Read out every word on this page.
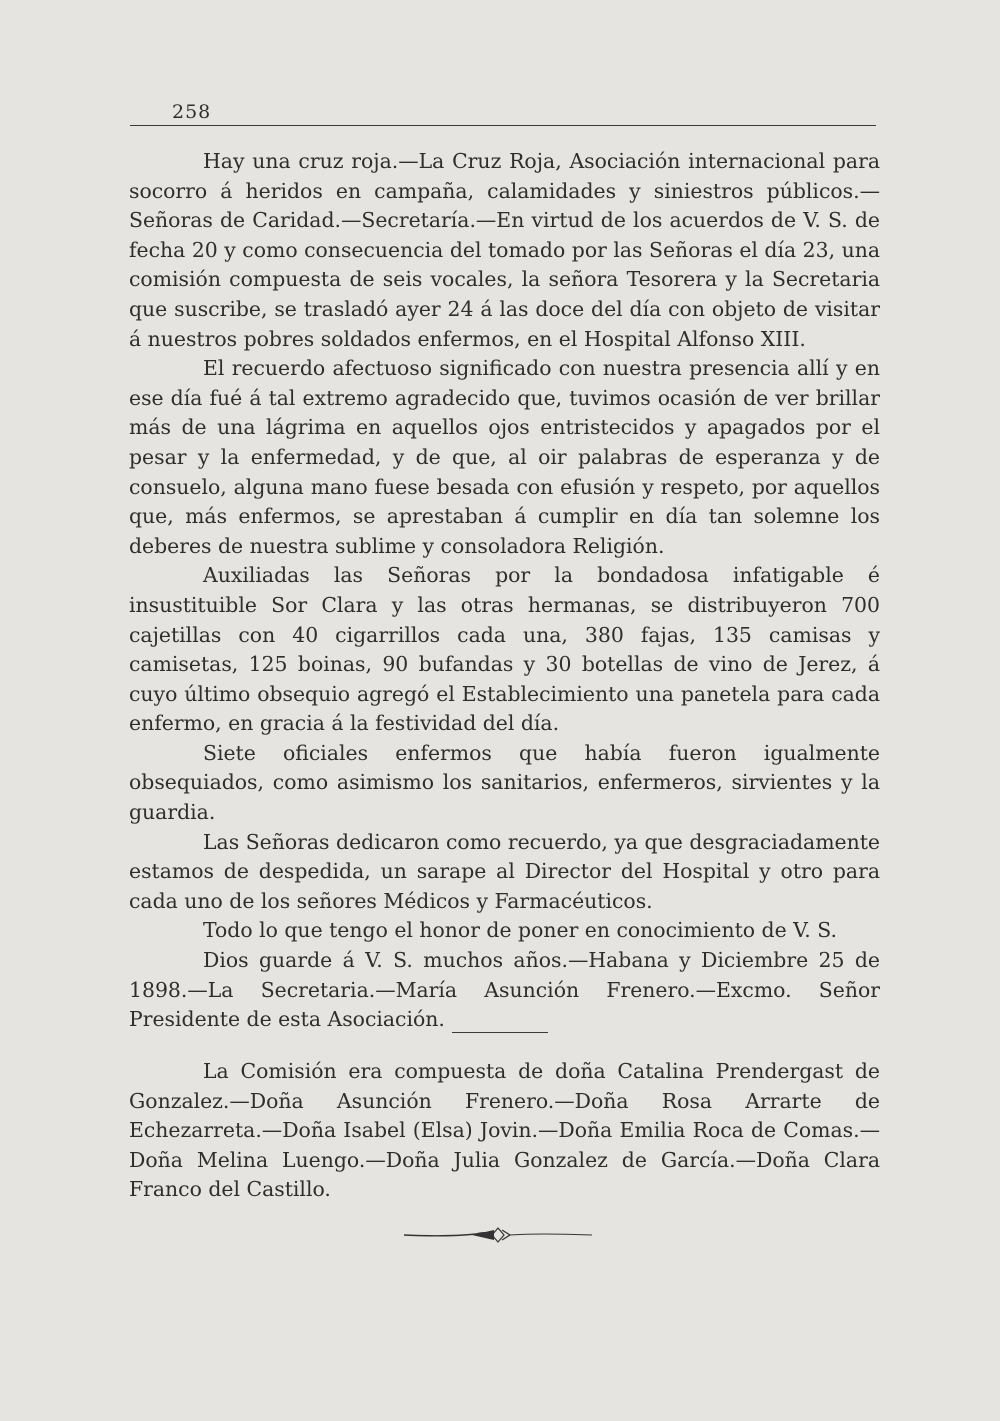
258

Hay una cruz roja.—La Cruz Roja, Asociación internacional para socorro á heridos en campaña, calamidades y siniestros públicos.—Señoras de Caridad.—Secretaría.—En virtud de los acuerdos de V. S. de fecha 20 y como consecuencia del tomado por las Señoras el día 23, una comisión compuesta de seis vocales, la señora Tesorera y la Secretaria que suscribe, se trasladó ayer 24 á las doce del día con objeto de visitar á nuestros pobres soldados enfermos, en el Hospital Alfonso XIII.

El recuerdo afectuoso significado con nuestra presencia allí y en ese día fué á tal extremo agradecido que, tuvimos ocasión de ver brillar más de una lágrima en aquellos ojos entristecidos y apagados por el pesar y la enfermedad, y de que, al oir palabras de esperanza y de consuelo, alguna mano fuese besada con efusión y respeto, por aquellos que, más enfermos, se aprestaban á cumplir en día tan solemne los deberes de nuestra sublime y consoladora Religión.

Auxiliadas las Señoras por la bondadosa infatigable é insustituible Sor Clara y las otras hermanas, se distribuyeron 700 cajetillas con 40 cigarrillos cada una, 380 fajas, 135 camisas y camisetas, 125 boinas, 90 bufandas y 30 botellas de vino de Jerez, á cuyo último obsequio agregó el Establecimiento una panetela para cada enfermo, en gracia á la festividad del día.

Siete oficiales enfermos que había fueron igualmente obsequiados, como asimismo los sanitarios, enfermeros, sirvientes y la guardia.

Las Señoras dedicaron como recuerdo, ya que desgraciadamente estamos de despedida, un sarape al Director del Hospital y otro para cada uno de los señores Médicos y Farmacéuticos.

Todo lo que tengo el honor de poner en conocimiento de V. S.

Dios guarde á V. S. muchos años.—Habana y Diciembre 25 de 1898.—La Secretaria.—María Asunción Frenero.—Excmo. Señor Presidente de esta Asociación.

La Comisión era compuesta de doña Catalina Prendergast de Gonzalez.—Doña Asunción Frenero.—Doña Rosa Arrarte de Echezarreta.—Doña Isabel (Elsa) Jovin.—Doña Emilia Roca de Comas.—Doña Melina Luengo.—Doña Julia Gonzalez de García.—Doña Clara Franco del Castillo.
